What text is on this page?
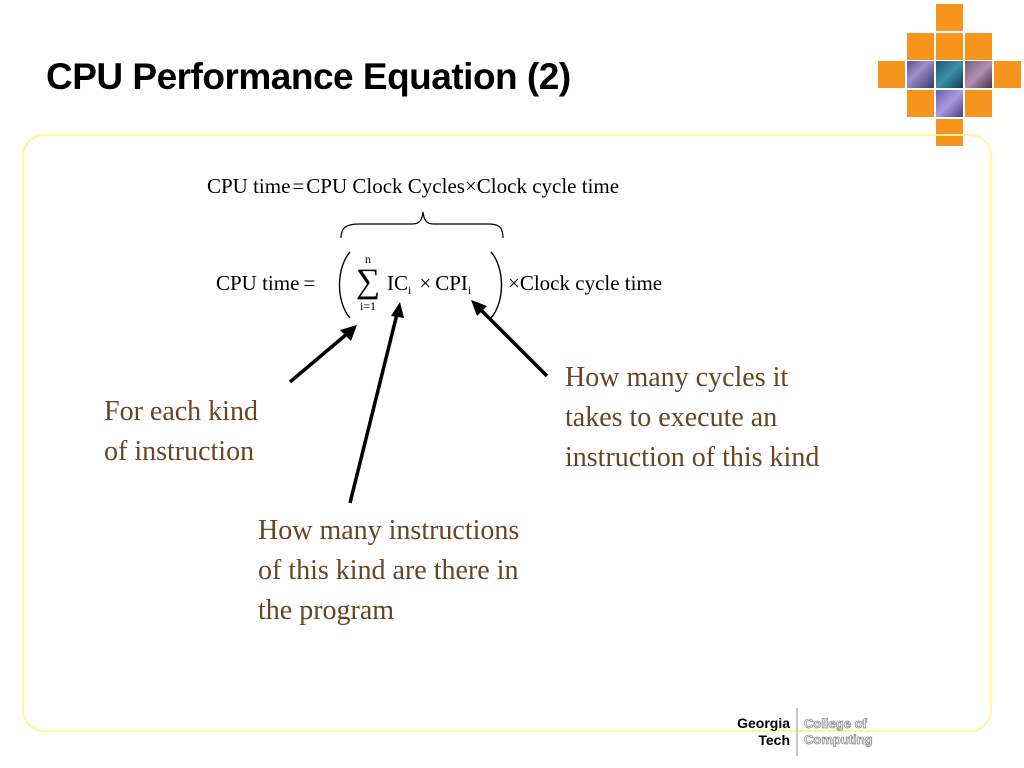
CPU Performance Equation (2)
CPU time=CPU Clock Cycles×Clock cycle time
CPU time =
n
∑
i=1
$IC_i \times CPI_i$ ×Clock cycle time
For each kind
of instruction
How many cycles it
takes to execute an
instruction of this kind
How many instructions
of this kind are there in
the program
Georgia
Tech
College of
Computing
